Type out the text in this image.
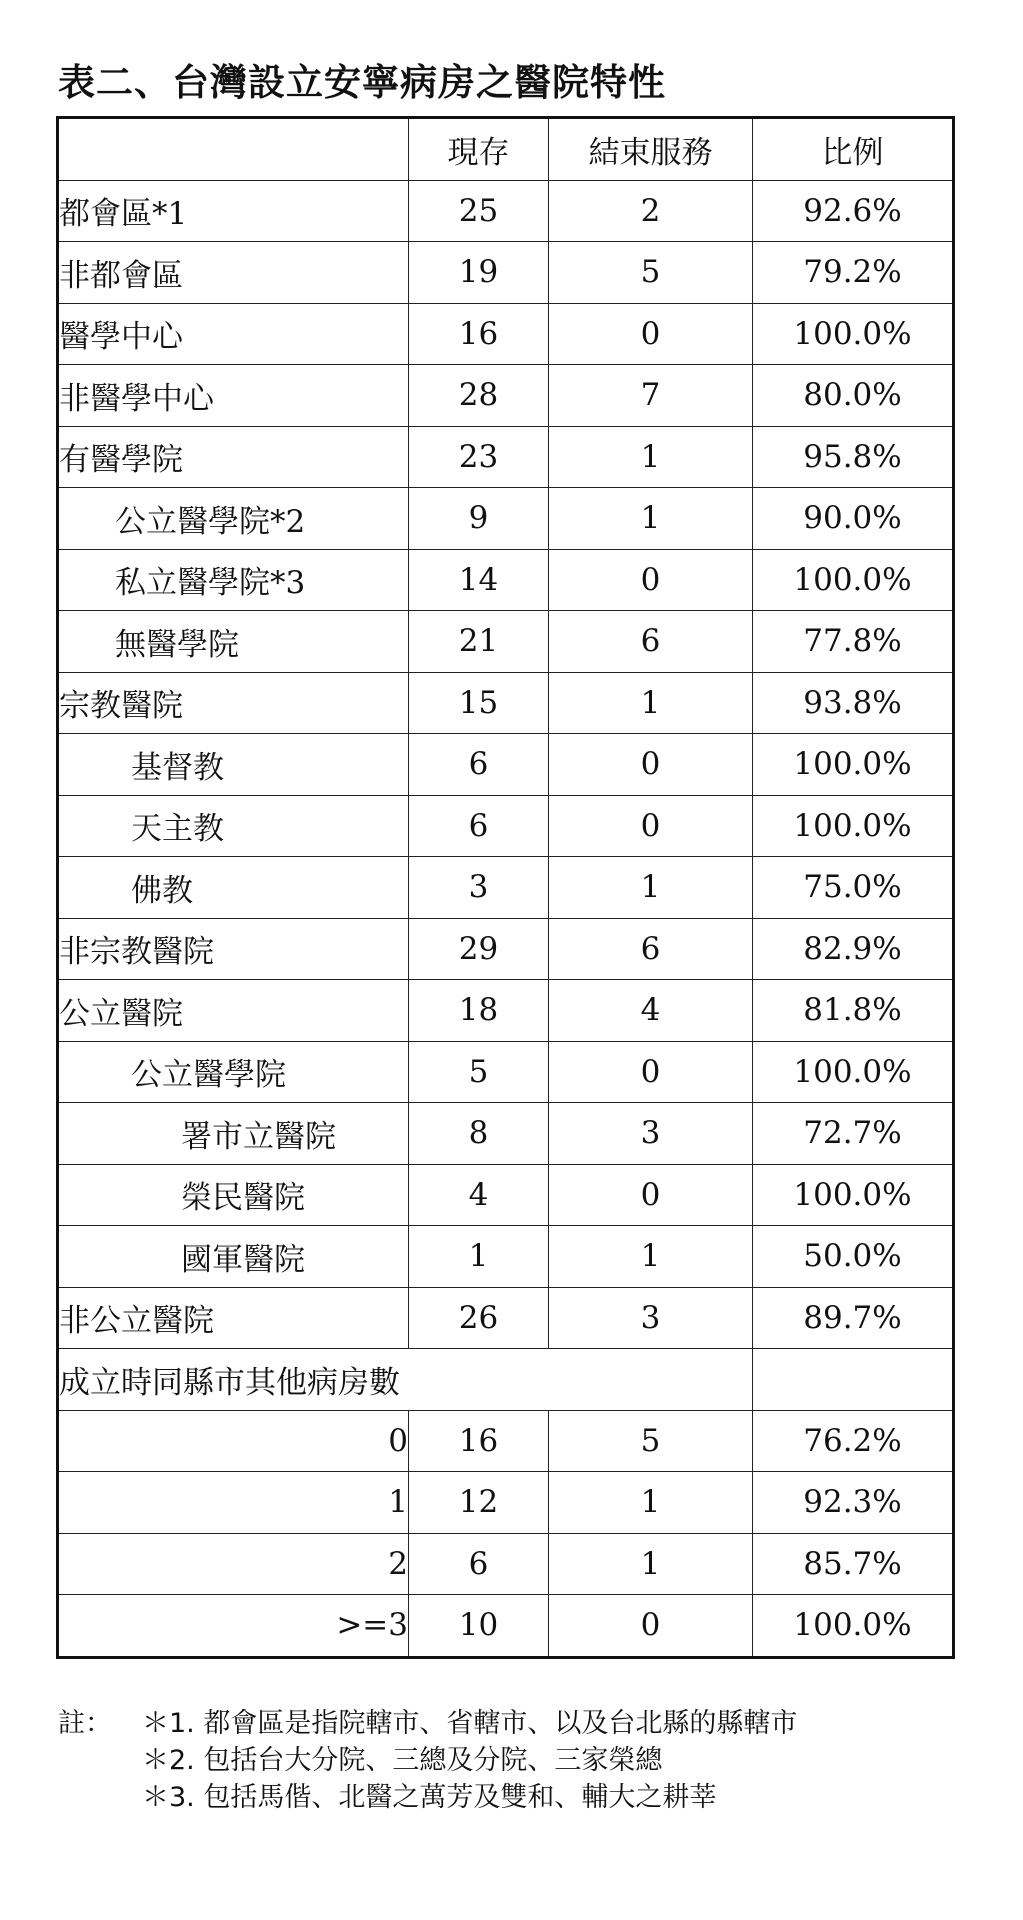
表二、台灣設立安寧病房之醫院特性
	現存	結束服務	比例
都會區*1	25	2	92.6%
非都會區	19	5	79.2%
醫學中心	16	0	100.0%
非醫學中心	28	7	80.0%
有醫學院	23	1	95.8%
公立醫學院*2	9	1	90.0%
私立醫學院*3	14	0	100.0%
無醫學院	21	6	77.8%
宗教醫院	15	1	93.8%
基督教	6	0	100.0%
天主教	6	0	100.0%
佛教	3	1	75.0%
非宗教醫院	29	6	82.9%
公立醫院	18	4	81.8%
公立醫學院	5	0	100.0%
署市立醫院	8	3	72.7%
榮民醫院	4	0	100.0%
國軍醫院	1	1	50.0%
非公立醫院	26	3	89.7%
成立時同縣市其他病房數			
0	16	5	76.2%
1	12	1	92.3%
2	6	1	85.7%
>=3	10	0	100.0%
註：	＊1. 都會區是指院轄市、省轄市、以及台北縣的縣轄市
＊2. 包括台大分院、三總及分院、三家榮總
＊3. 包括馬偕、北醫之萬芳及雙和、輔大之耕莘
